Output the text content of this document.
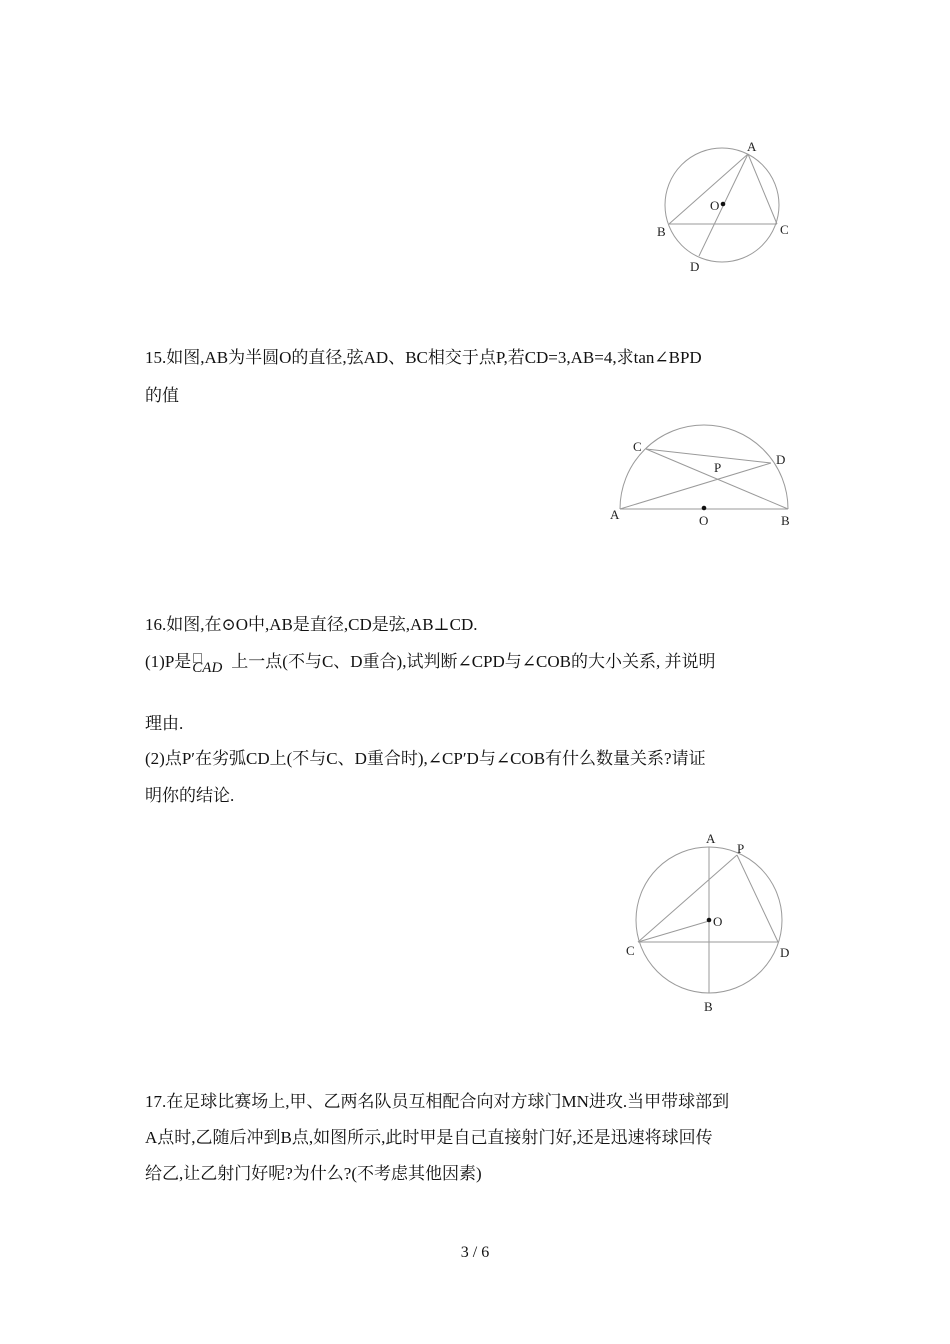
A
B	C
D
O
15.如图,AB为半圆O的直径,弦AD、BC相交于点P,若CD=3,AB=4,求tan∠BPD
的值
C
D
P
A	O	B
16.如图,在⊙O中,AB是直径,CD是弦,AB⊥CD.
(1)P是 CAD 上一点(不与C、D重合),试判断∠CPD与∠COB的大小关系, 并说明
理由.
(2)点P′在劣弧CD上(不与C、D重合时),∠CP′D与∠COB有什么数量关系?请证
明你的结论.
A
P
O
C	D
B
17.在足球比赛场上,甲、乙两名队员互相配合向对方球门MN进攻.当甲带球部到
A点时,乙随后冲到B点,如图所示,此时甲是自己直接射门好,还是迅速将球回传
给乙,让乙射门好呢?为什么?(不考虑其他因素)
3 / 6
